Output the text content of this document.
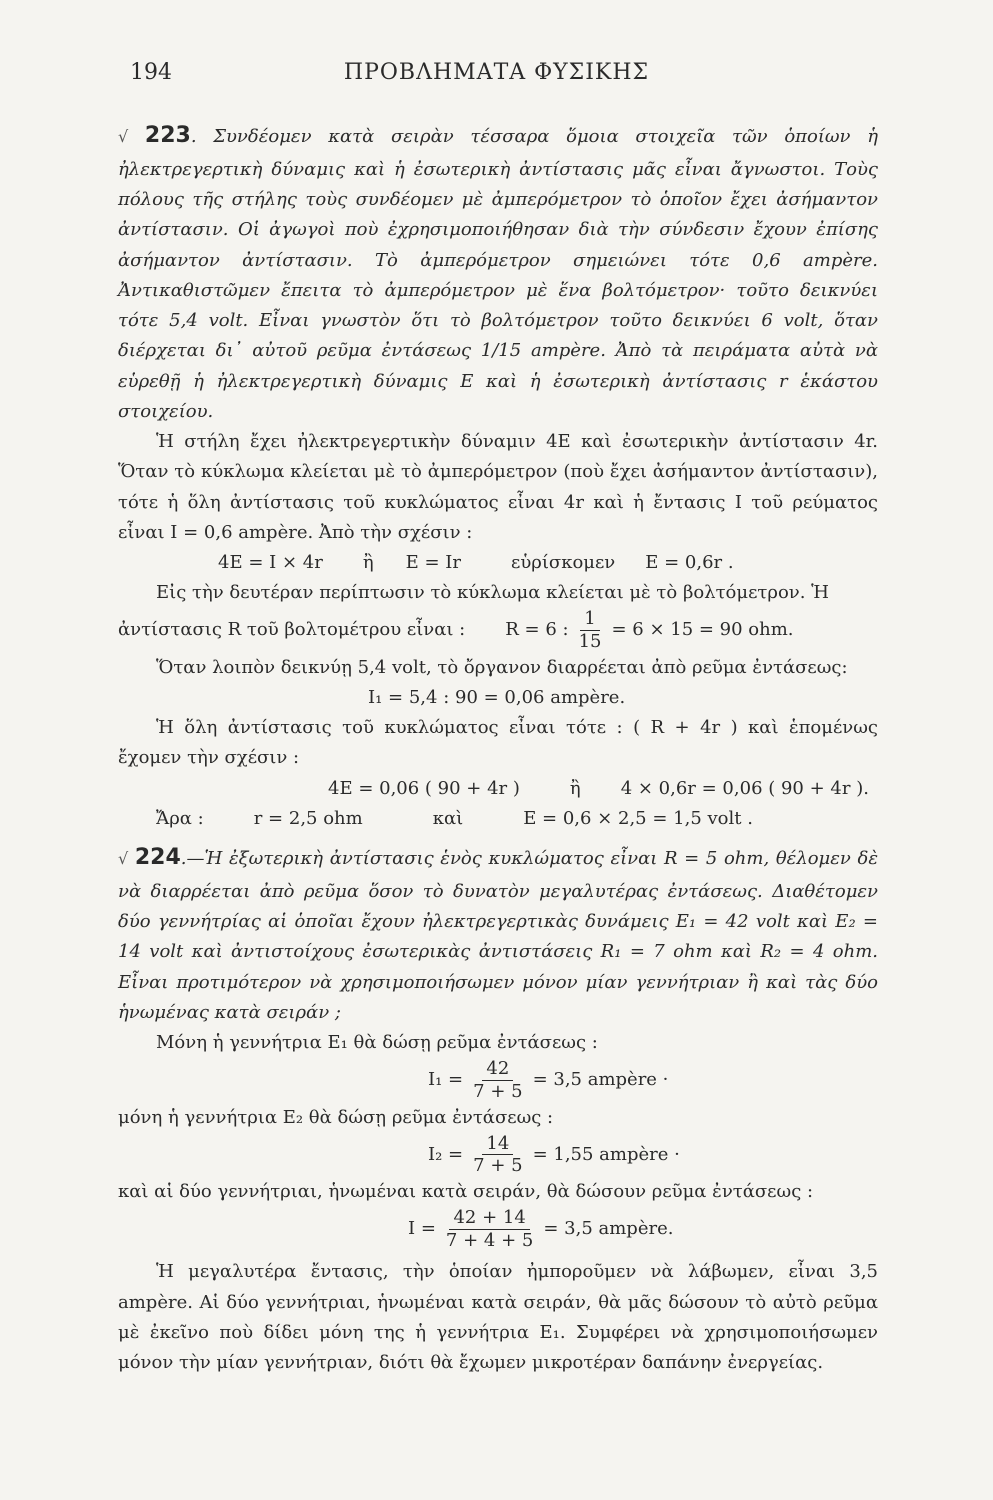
194	ΠΡΟΒΛΗΜΑΤΑ ΦΥΣΙΚΗΣ

√ 223. Συνδέομεν κατὰ σειρὰν τέσσαρα ὅμοια στοιχεῖα τῶν ὁποίων ἡ ἠλεκτρεγερτικὴ δύναμις καὶ ἡ ἐσωτερικὴ ἀντίστασις μᾶς εἶναι ἄγνωστοι. Τοὺς πόλους τῆς στήλης τοὺς συνδέομεν μὲ ἀμπερόμετρον τὸ ὁποῖον ἔχει ἀσήμαντον ἀντίστασιν. Οἱ ἀγωγοὶ ποὺ ἐχρησιμοποιήθησαν διὰ τὴν σύνδεσιν ἔχουν ἐπίσης ἀσήμαντον ἀντίστασιν. Τὸ ἀμπερόμετρον σημειώνει τότε 0,6 ampère. Ἀντικαθιστῶμεν ἔπειτα τὸ ἀμπερόμετρον μὲ ἕνα βολτόμετρον· τοῦτο δεικνύει τότε 5,4 volt. Εἶναι γνωστὸν ὅτι τὸ βολτόμετρον τοῦτο δεικνύει 6 volt, ὅταν διέρχεται δι᾽ αὐτοῦ ρεῦμα ἐντάσεως 1/15 ampère. Ἀπὸ τὰ πειράματα αὐτὰ νὰ εὑρεθῇ ἡ ἠλεκτρεγερτικὴ δύναμις E καὶ ἡ ἐσωτερικὴ ἀντίστασις r ἑκάστου στοιχείου.

Ἡ στήλη ἔχει ἠλεκτρεγερτικὴν δύναμιν 4E καὶ ἐσωτερικὴν ἀντίστασιν 4r. Ὅταν τὸ κύκλωμα κλείεται μὲ τὸ ἀμπερόμετρον (ποὺ ἔχει ἀσήμαντον ἀντίστασιν), τότε ἡ ὅλη ἀντίστασις τοῦ κυκλώματος εἶναι 4r καὶ ἡ ἔντασις I τοῦ ρεύματος εἶναι I = 0,6 ampère. Ἀπὸ τὴν σχέσιν :

4E = I × 4r ἢ E = Ir	εὑρίσκομεν E = 0,6r .

Εἰς τὴν δευτέραν περίπτωσιν τὸ κύκλωμα κλείεται μὲ τὸ βολτόμετρον. Ἡ

ἀντίστασις R τοῦ βολτομέτρου εἶναι : R = 6 : $\frac{1}{15} = 6 \times 15 = 90$ ohm.

Ὅταν λοιπὸν δεικνύῃ 5,4 volt, τὸ ὄργανον διαρρέεται ἀπὸ ρεῦμα ἐντάσεως:

I₁ = 5,4 : 90 = 0,06 ampère.

Ἡ ὅλη ἀντίστασις τοῦ κυκλώματος εἶναι τότε : ( R + 4r ) καὶ ἑπομένως ἔχομεν τὴν σχέσιν :

4E = 0,06 ( 90 + 4r )	ἢ 4 × 0,6r = 0,06 ( 90 + 4r ).
Ἄρα :	r = 2,5 ohm	καὶ	E = 0,6 × 2,5 = 1,5 volt .

√ 224.—Ἡ ἐξωτερικὴ ἀντίστασις ἑνὸς κυκλώματος εἶναι R = 5 ohm, θέλομεν δὲ νὰ διαρρέεται ἀπὸ ρεῦμα ὅσον τὸ δυνατὸν μεγαλυτέρας ἐντάσεως. Διαθέτομεν δύο γεννήτρίας αἱ ὁποῖαι ἔχουν ἠλεκτρεγερτικὰς δυνάμεις E₁ = 42 volt καὶ E₂ = 14 volt καὶ ἀντιστοίχους ἐσωτερικὰς ἀντιστάσεις R₁ = 7 ohm καὶ R₂ = 4 ohm. Εἶναι προτιμότερον νὰ χρησιμοποιήσωμεν μόνον μίαν γεννήτριαν ἢ καὶ τὰς δύο ἡνωμένας κατὰ σειράν ;

Μόνη ἡ γεννήτρια E₁ θὰ δώσῃ ρεῦμα ἐντάσεως :

$I_1 = \frac{42}{7 + 5} = 3,5$ ampère ·

μόνη ἡ γεννήτρια E₂ θὰ δώσῃ ρεῦμα ἐντάσεως :

$I_2 = \frac{14}{7 + 5} = 1,55$ ampère ·

καὶ αἱ δύο γεννήτριαι, ἡνωμέναι κατὰ σειράν, θὰ δώσουν ρεῦμα ἐντάσεως :

$I = \frac{42 + 14}{7 + 4 + 5} = 3,5$ ampère.

Ἡ μεγαλυτέρα ἔντασις, τὴν ὁποίαν ἠμποροῦμεν νὰ λάβωμεν, εἶναι 3,5 ampère. Αἱ δύο γεννήτριαι, ἡνωμέναι κατὰ σειράν, θὰ μᾶς δώσουν τὸ αὐτὸ ρεῦμα μὲ ἐκεῖνο ποὺ δίδει μόνη της ἡ γεννήτρια E₁. Συμφέρει νὰ χρησιμοποιήσωμεν μόνον τὴν μίαν γεννήτριαν, διότι θὰ ἔχωμεν μικροτέραν δαπάνην ἐνεργείας.
